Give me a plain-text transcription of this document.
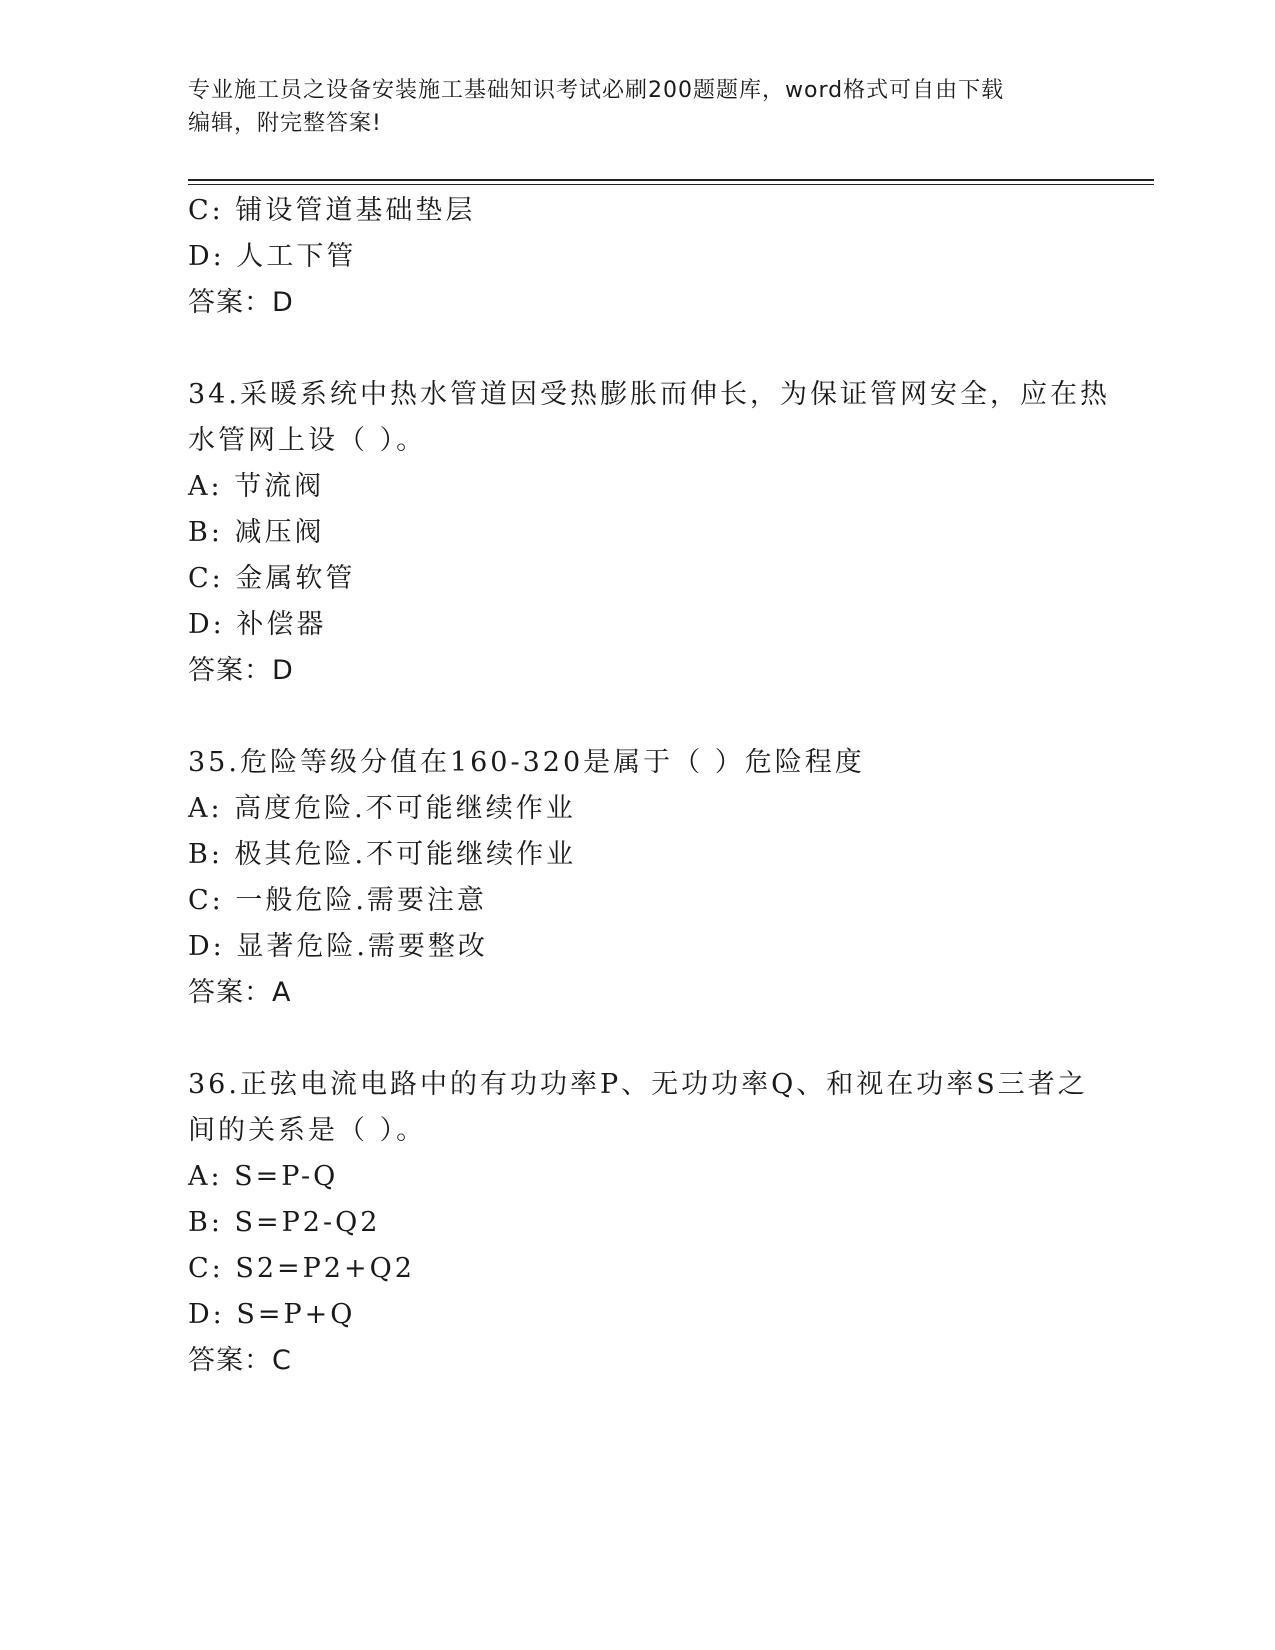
专业施工员之设备安装施工基础知识考试必刷200题题库，word格式可自由下载
编辑，附完整答案!
C: 铺设管道基础垫层
D: 人工下管
答案：D
34.采暖系统中热水管道因受热膨胀而伸长，为保证管网安全，应在热
水管网上设（ ）。
A: 节流阀
B: 减压阀
C: 金属软管
D: 补偿器
答案：D
35.危险等级分值在160-320是属于（ ）危险程度
A: 高度危险.不可能继续作业
B: 极其危险.不可能继续作业
C: 一般危险.需要注意
D: 显著危险.需要整改
答案：A
36.正弦电流电路中的有功功率P、无功功率Q、和视在功率S三者之
间的关系是（ ）。
A: S=P-Q
B: S=P2-Q2
C: S2=P2+Q2
D: S=P+Q
答案：C
